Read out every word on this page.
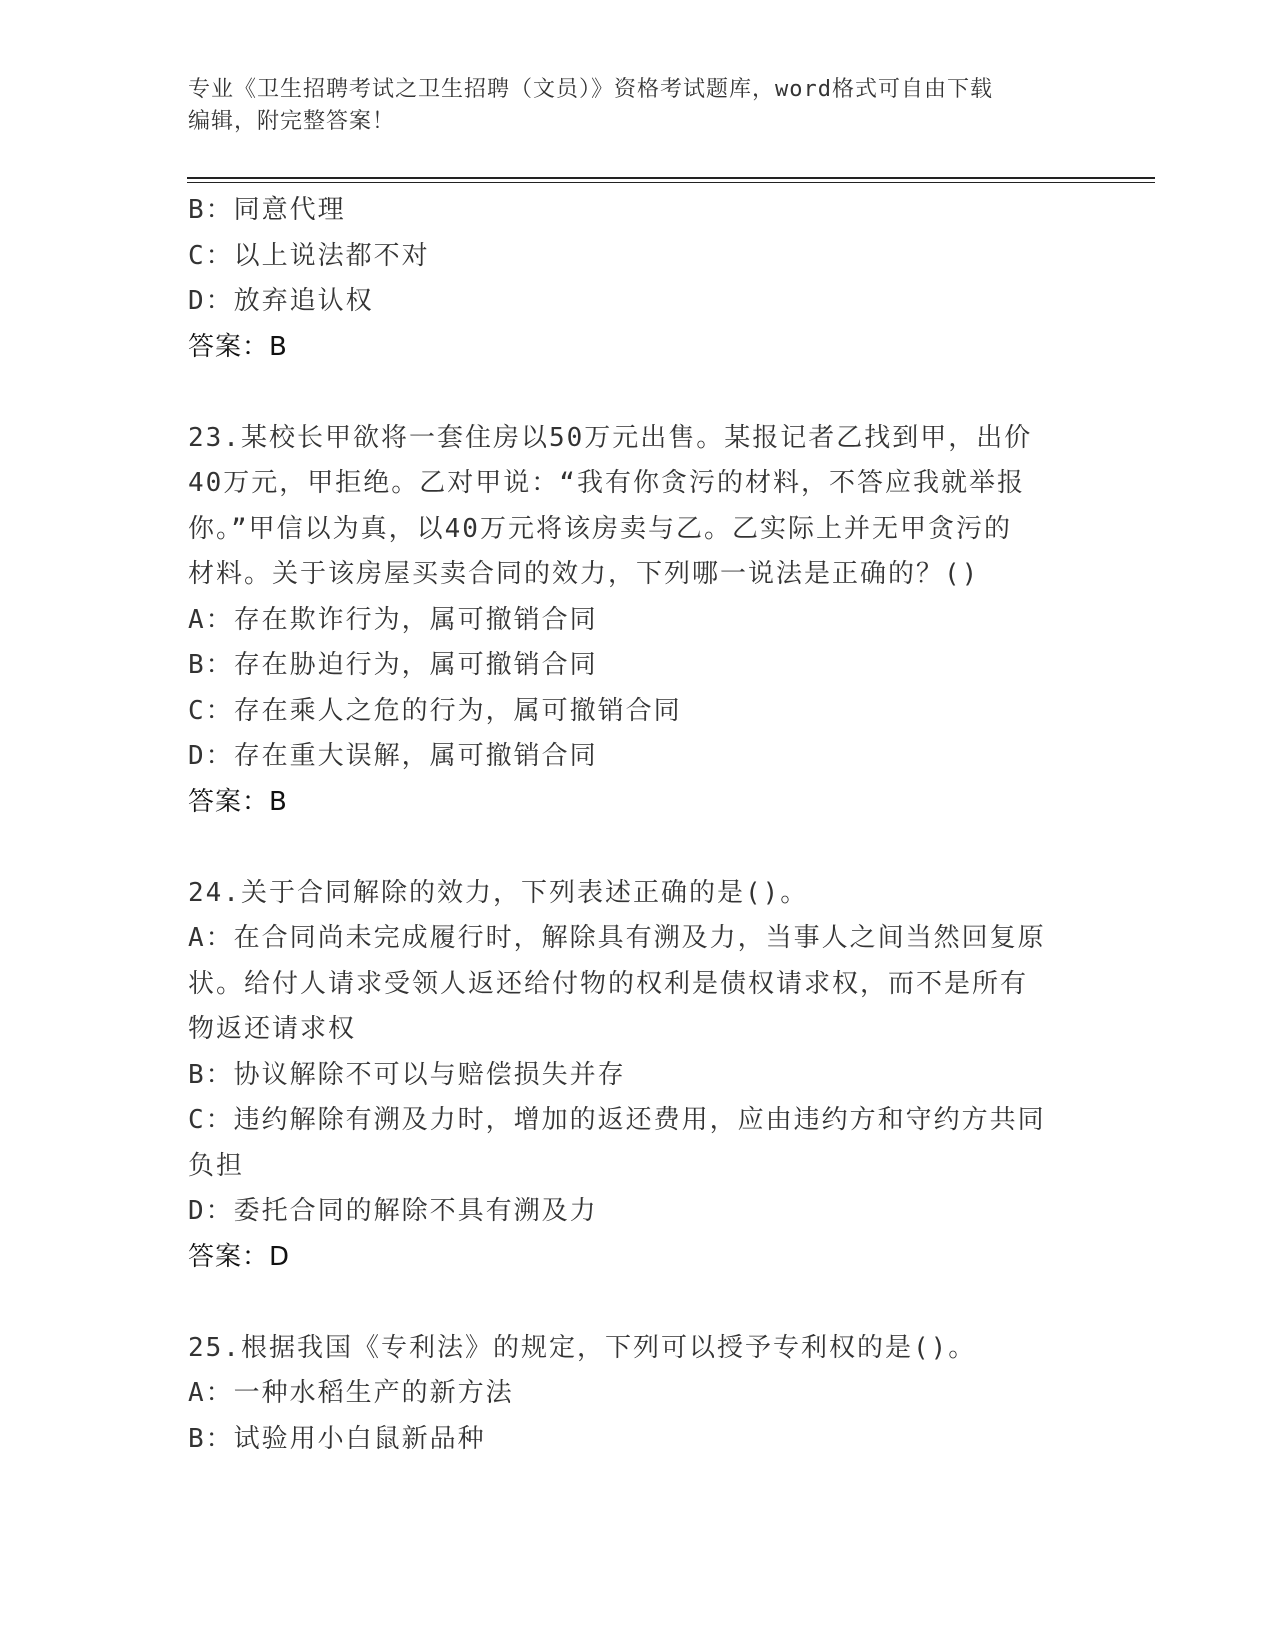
专业《卫生招聘考试之卫生招聘（文员）》资格考试题库，word格式可自由下载
编辑，附完整答案！
B：同意代理
C：以上说法都不对
D：放弃追认权
答案：B
23.某校长甲欲将一套住房以50万元出售。某报记者乙找到甲，出价
40万元，甲拒绝。乙对甲说：“我有你贪污的材料，不答应我就举报
你。”甲信以为真，以40万元将该房卖与乙。乙实际上并无甲贪污的
材料。关于该房屋买卖合同的效力，下列哪一说法是正确的？()
A：存在欺诈行为，属可撤销合同
B：存在胁迫行为，属可撤销合同
C：存在乘人之危的行为，属可撤销合同
D：存在重大误解，属可撤销合同
答案：B
24.关于合同解除的效力，下列表述正确的是()。
A：在合同尚未完成履行时，解除具有溯及力，当事人之间当然回复原
状。给付人请求受领人返还给付物的权利是债权请求权，而不是所有
物返还请求权
B：协议解除不可以与赔偿损失并存
C：违约解除有溯及力时，增加的返还费用，应由违约方和守约方共同
负担
D：委托合同的解除不具有溯及力
答案：D
25.根据我国《专利法》的规定，下列可以授予专利权的是()。
A：一种水稻生产的新方法
B：试验用小白鼠新品种
